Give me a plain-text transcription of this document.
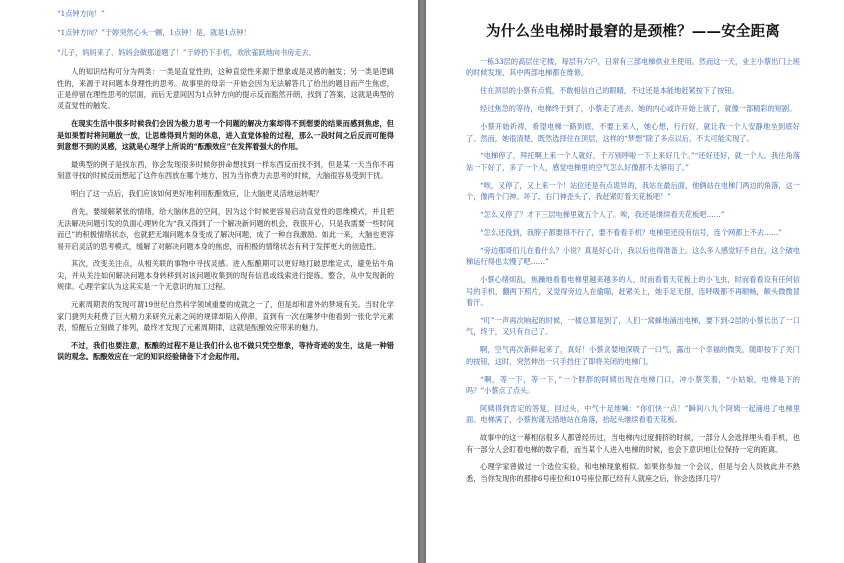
“1点钟方向！”

“1点钟方向？”于婷突然心头一颤，1点钟！是，就是1点钟！

“儿子，妈妈来了，妈妈会做那道题了！”于婷扔下手机，欢欣雀跃地向书房走去。

人的知识结构可分为两类：一类是直觉性的，这种直觉性来源于想象或是灵感的触发；另一类是逻辑性的，来源于对问题本身理性的思考。故事里的母亲一开始会因为无法解答几了给出的题目而产生焦虑，正是停留在理性思考的层面，而后无意间因为1点钟方向的提示反而豁然开朗，找到了答案，这就是典型的灵直觉性的触发。

在现实生活中很多时候我们会因为极力思考一个问题的解决方案却得不到想要的结果而感到焦虑，但是如果暂时将问题放一放，让思维得到片刻的休息，进入直觉体验的过程，那么一段时间之后反而可能得到意想不到的灵感，这就是心理学上所说的“酝酿效应”在发挥着强大的作用。

最典型的例子是找东西，你会发现很多时候你拼命想找到一样东西反而找不到，但是某一天当你不再刻意寻找的时候反而想起了这件东西放在哪个地方，因为当你费力去思考的时候，大脑很容易受到干扰。

明白了这一点后，我们应该如何更好地利用酝酿效应，让大脑更灵活地运转呢？

首先，要缓解紧张的情绪，给大脑休息的空间，因为这个时候更容易启动直觉性的思维模式，并且把无法解决问题引发的负面心理转化为“我又得到了一个解决新问题的机会，我很开心，只是我需要一些时间而已”的积极情绪状态，也就把无端问题本身变成了解决问题，成了一种自我激励。如此一来，大脑也更容易开启灵活的思考模式，缓解了对解决问题本身的焦虑，而积极的情绪状态有利于发挥更大的创造性。

其次，改变关注点，从相关联的事物中寻找灵感。进入酝酿期可以更好地打破思维定式，避免钻牛角尖，并从关注如何解决问题本身转移到对该问题收集到的现有信息或线索进行提炼、整合，从中发现新的规律。心理学家认为这其实是一个无意识的加工过程。

元素周期表的发现可谓19世纪自然科学领域重要的成就之一了，但是却和意外的梦境有关。当时化学家门捷列夫耗费了巨大精力来研究元素之间的规律却陷入停滞，直到有一次在睡梦中他看到一张化学元素表，惊醒后立刻做了排列，最终才发现了元素周期律，这就是酝酿效应带来的魅力。

不过，我们也要注意，酝酿的过程不是让我们什么也不做只凭空想象，等待奇迹的发生，这是一种错误的观念。酝酿效应在一定的知识经验储备下才会起作用。

为什么坐电梯时最窘的是颈椎？——安全距离

一栋33层的高层住宅楼，每层有六户，日常有三部电梯供业主使用。然而这一天，业主小蔡出门上班的时候发现，其中两部电梯都在维修。

住在顶层的小蔡有点慌，不敢相信自己的眼睛，不过还是本能地赶紧按下了按钮。

经过焦急的等待，电梯终于到了，小蔡走了进去，她的内心或许开始上演了，就像一部精彩的短剧。

小蔡开始祈祷，希望电梯一路到底，不要上来人，她心想，行行好，就让我一个人安静地坐到底好了。然而，她很清楚，既然选择住在顶层，这样的“梦想”除了多点以后，不太可能实现了。

“电梯停了，拜托啊上来一个人就好，千万别呼啦一下上来好几个。”“还好还好，就一个人。我往角落站一下好了，多了一个人，感觉电梯里的空气怎么好像都不太够用了。”

“唉，又停了，又上来一个！站位还是有点诡异的，我站在最后面，他俩站在电梯门两边的角落，这一个，像两个门神。坏了，右门神歪头了，我赶紧盯着天花板吧！”

“怎么又停了？才下三层电梯里就五个人了。唉，我还是继续看天花板吧……”

“怎么还没到，我脖子都要得不行了，要不看看手机？电梯里还没有信号，连个网都上不去……”

“旁边那哥们儿在看什么？小说？真是好心计，我以后也得准备上。这么多人感觉好不自在，这个破电梯运行得也太慢了吧……”

小蔡心绪烦乱，焦躁地看着电梯里越来越多的人，时而看着天花板上的小飞虫，时而看看设有任何信号的手机，翻两下照片，又觉得旁边人在偷瞄，赶紧关上，她手足无措，连呼吸都不再顺畅，额头微微冒着汗。

“叮”一声再次响起的时候，一楼总算是到了，人们一窝蜂地涌出电梯，要下到-2层的小蔡长出了一口气，终于，又只有自己了。

啊，空气再次新鲜起来了，真好！小蔡贪婪地深吸了一口气，露出一个幸福的微笑，随即按下了关门的按钮，这时，突然伸出一只手挡住了即将关闭的电梯门。

“啊，等一下，等一下，”一个胖胖的阿姨出现在电梯门口，冲小蔡笑着，“小姑娘，电梯是下的吗？”小蔡点了点头。

阿姨得到肯定的答复，回过头，中气十足地喊：“你们快一点！”瞬间八九个阿姨一起涌进了电梯里面。电梯满了，小蔡拘谨无措地站在角落，抬起头继续看着天花板。

故事中的这一幕相信很多人都曾经历过，当电梯内过度拥挤的时候，一部分人会选择埋头看手机，也有一部分人会盯着电梯的数字看，而当某个人进入电梯的时候，也会下意识地让位保持一定的距离。

心理学家曾做过一个选位实验，和电梯现象相似。如果你参加一个会议，但是与会人员彼此并不熟悉，当你发现你的那排6号座位和10号座位都已经有人就座之后，你会选择几号？
